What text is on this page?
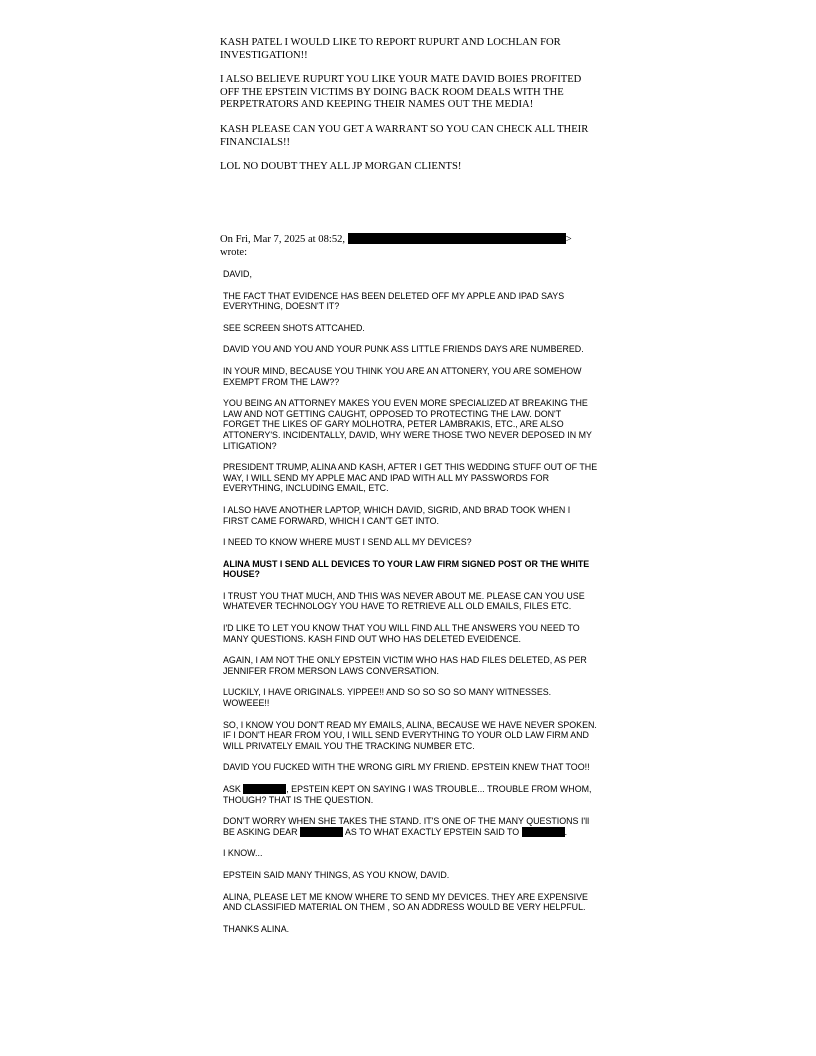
KASH PATEL I WOULD LIKE TO REPORT RUPURT AND LOCHLAN FOR INVESTIGATION!!

I ALSO BELIEVE RUPURT YOU LIKE YOUR MATE DAVID BOIES PROFITED OFF THE EPSTEIN VICTIMS BY DOING BACK ROOM DEALS WITH THE PERPETRATORS AND KEEPING THEIR NAMES OUT THE MEDIA!

KASH PLEASE CAN YOU GET A WARRANT SO YOU CAN CHECK ALL THEIR FINANCIALS!!

LOL NO DOUBT THEY ALL JP MORGAN CLIENTS!

On Fri, Mar 7, 2025 at 08:52,	>
wrote:

DAVID,

THE FACT THAT EVIDENCE HAS BEEN DELETED OFF MY APPLE AND IPAD SAYS EVERYTHING, DOESN'T IT?

SEE SCREEN SHOTS ATTCAHED.

DAVID YOU AND YOU AND YOUR PUNK ASS LITTLE FRIENDS DAYS ARE NUMBERED.

IN YOUR MIND, BECAUSE YOU THINK YOU ARE AN ATTONERY, YOU ARE SOMEHOW EXEMPT FROM THE LAW??

YOU BEING AN ATTORNEY MAKES YOU EVEN MORE SPECIALIZED AT BREAKING THE LAW AND NOT GETTING CAUGHT, OPPOSED TO PROTECTING THE LAW. DON'T FORGET THE LIKES OF GARY MOLHOTRA, PETER LAMBRAKIS, ETC., ARE ALSO ATTONERY'S. INCIDENTALLY, DAVID, WHY WERE THOSE TWO NEVER DEPOSED IN MY LITIGATION?

PRESIDENT TRUMP, ALINA AND KASH, AFTER I GET THIS WEDDING STUFF OUT OF THE WAY, I WILL SEND MY APPLE MAC AND IPAD WITH ALL MY PASSWORDS FOR EVERYTHING, INCLUDING EMAIL, ETC.

I ALSO HAVE ANOTHER LAPTOP, WHICH DAVID, SIGRID, AND BRAD TOOK WHEN I FIRST CAME FORWARD, WHICH I CAN'T GET INTO.

I NEED TO KNOW WHERE MUST I SEND ALL MY DEVICES?

ALINA MUST I SEND ALL DEVICES TO YOUR LAW FIRM SIGNED POST OR THE WHITE HOUSE?

I TRUST YOU THAT MUCH, AND THIS WAS NEVER ABOUT ME. PLEASE CAN YOU USE WHATEVER TECHNOLOGY YOU HAVE TO RETRIEVE ALL OLD EMAILS, FILES ETC.

I'D LIKE TO LET YOU KNOW THAT YOU WILL FIND ALL THE ANSWERS YOU NEED TO MANY QUESTIONS. KASH FIND OUT WHO HAS DELETED EVEIDENCE.

AGAIN, I AM NOT THE ONLY EPSTEIN VICTIM WHO HAS HAD FILES DELETED, AS PER JENNIFER FROM MERSON LAWS CONVERSATION.

LUCKILY, I HAVE ORIGINALS. YIPPEE!! AND SO SO SO SO MANY WITNESSES. WOWEEE!!

SO, I KNOW YOU DON'T READ MY EMAILS, ALINA, BECAUSE WE HAVE NEVER SPOKEN. IF I DON'T HEAR FROM YOU, I WILL SEND EVERYTHING TO YOUR OLD LAW FIRM AND WILL PRIVATELY EMAIL YOU THE TRACKING NUMBER ETC.

DAVID YOU FUCKED WITH THE WRONG GIRL MY FRIEND. EPSTEIN KNEW THAT TOO!!

ASK	, EPSTEIN KEPT ON SAYING I WAS TROUBLE... TROUBLE FROM WHOM, THOUGH? THAT IS THE QUESTION.

DON'T WORRY WHEN SHE TAKES THE STAND. IT'S ONE OF THE MANY QUESTIONS I'll BE ASKING DEAR	AS TO WHAT EXACTLY EPSTEIN SAID TO	.

I KNOW...

EPSTEIN SAID MANY THINGS, AS YOU KNOW, DAVID.

ALINA, PLEASE LET ME KNOW WHERE TO SEND MY DEVICES. THEY ARE EXPENSIVE AND CLASSIFIED MATERIAL ON THEM , SO AN ADDRESS WOULD BE VERY HELPFUL.

THANKS ALINA.
